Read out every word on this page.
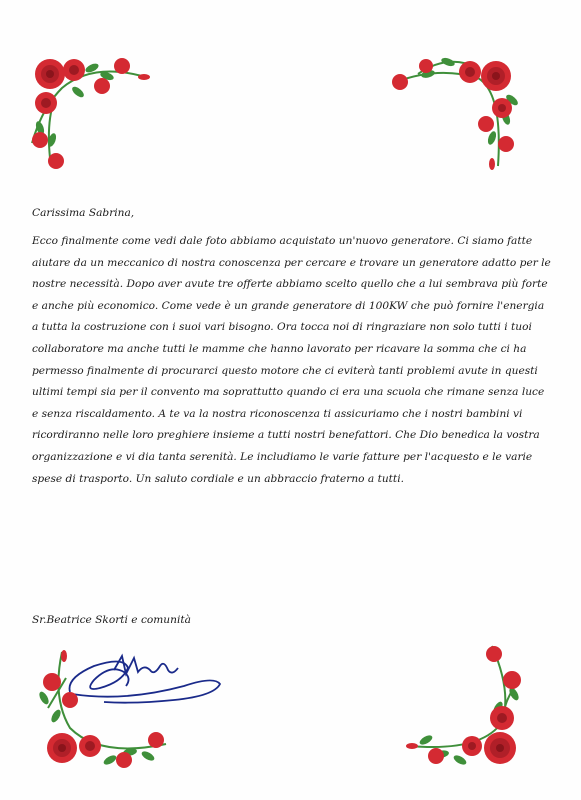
Carissima Sabrina,

Ecco finalmente come vedi dale foto abbiamo acquistato un'nuovo generatore. Ci siamo fatte aiutare da un meccanico di nostra conoscenza per cercare e trovare un generatore adatto per le nostre necessità. Dopo aver avute tre offerte abbiamo scelto quello che a lui sembrava più forte e anche più economico. Come vede è un grande generatore di 100KW che può fornire l'energia a tutta la costruzione con i suoi vari bisogno. Ora tocca noi di ringraziare non solo tutti i tuoi collaboratore ma anche tutti le mamme che hanno lavorato per ricavare la somma che ci ha permesso finalmente di procurarci questo motore che ci eviterà tanti problemi avute in questi ultimi tempi sia per il convento ma soprattutto quando ci era una scuola che rimane senza luce e senza riscaldamento. A te va la nostra riconoscenza ti assicuriamo che i nostri bambini vi ricordiranno nelle loro preghiere insieme a tutti nostri benefattori. Che Dio benedica la vostra organizzazione e vi dia tanta serenità. Le includiamo le varie fatture per l'acquesto e le varie spese di trasporto. Un saluto cordiale e un abbraccio fraterno a tutti.

Sr.Beatrice Skorti e comunità
